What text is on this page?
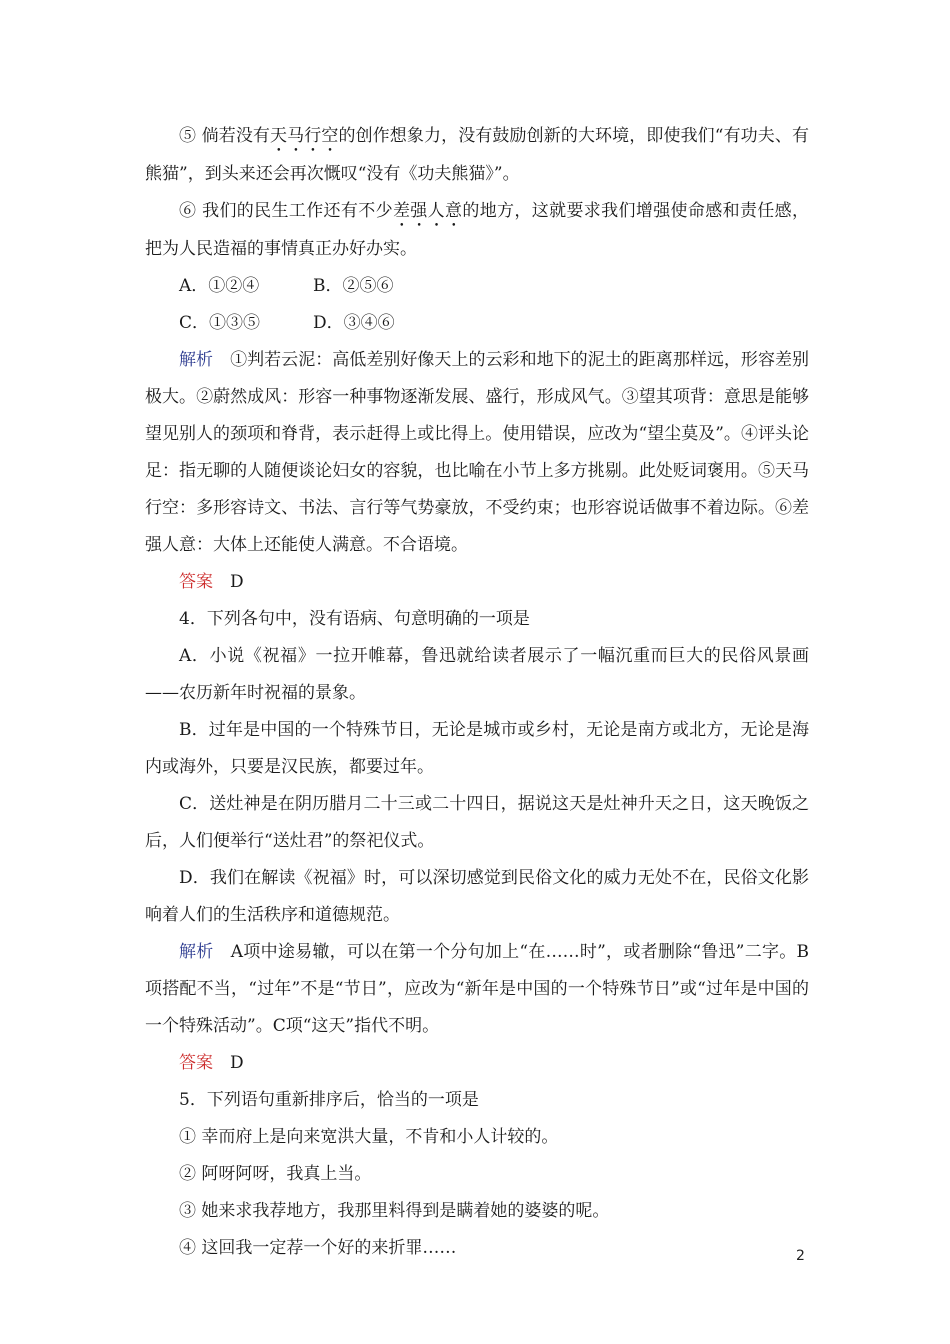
⑤ 倘若没有天马行空的创作想象力，没有鼓励创新的大环境，即使我们“有功夫、有熊猫”，到头来还会再次慨叹“没有《功夫熊猫》”。

⑥ 我们的民生工作还有不少差强人意的地方，这就要求我们增强使命感和责任感，把为人民造福的事情真正办好办实。

A．①②④	B．②⑤⑥
C．①③⑤	D．③④⑥

解析　 ①判若云泥：高低差别好像天上的云彩和地下的泥土的距离那样远，形容差别极大。②蔚然成风：形容一种事物逐渐发展、盛行，形成风气。③望其项背：意思是能够望见别人的颈项和脊背，表示赶得上或比得上。使用错误，应改为“望尘莫及”。④评头论足：指无聊的人随便谈论妇女的容貌，也比喻在小节上多方挑剔。此处贬词褒用。⑤天马行空：多形容诗文、书法、言行等气势豪放，不受约束；也形容说话做事不着边际。⑥差强人意：大体上还能使人满意。不合语境。

答案　 D

4．下列各句中，没有语病、句意明确的一项是

A．小说《祝福》一拉开帷幕，鲁迅就给读者展示了一幅沉重而巨大的民俗风景画——农历新年时祝福的景象。

B．过年是中国的一个特殊节日，无论是城市或乡村，无论是南方或北方，无论是海内或海外，只要是汉民族，都要过年。

C．送灶神是在阴历腊月二十三或二十四日，据说这天是灶神升天之日，这天晚饭之后，人们便举行“送灶君”的祭祀仪式。

D．我们在解读《祝福》时，可以深切感觉到民俗文化的威力无处不在，民俗文化影响着人们的生活秩序和道德规范。

解析　 A项中途易辙，可以在第一个分句加上“在……时”，或者删除“鲁迅”二字。B项搭配不当，“过年”不是“节日”，应改为“新年是中国的一个特殊节日”或“过年是中国的一个特殊活动”。C项“这天”指代不明。

答案　 D

5．下列语句重新排序后，恰当的一项是

① 幸而府上是向来宽洪大量，不肯和小人计较的。

② 阿呀阿呀，我真上当。

③ 她来求我荐地方，我那里料得到是瞒着她的婆婆的呢。

④ 这回我一定荐一个好的来折罪……	2
